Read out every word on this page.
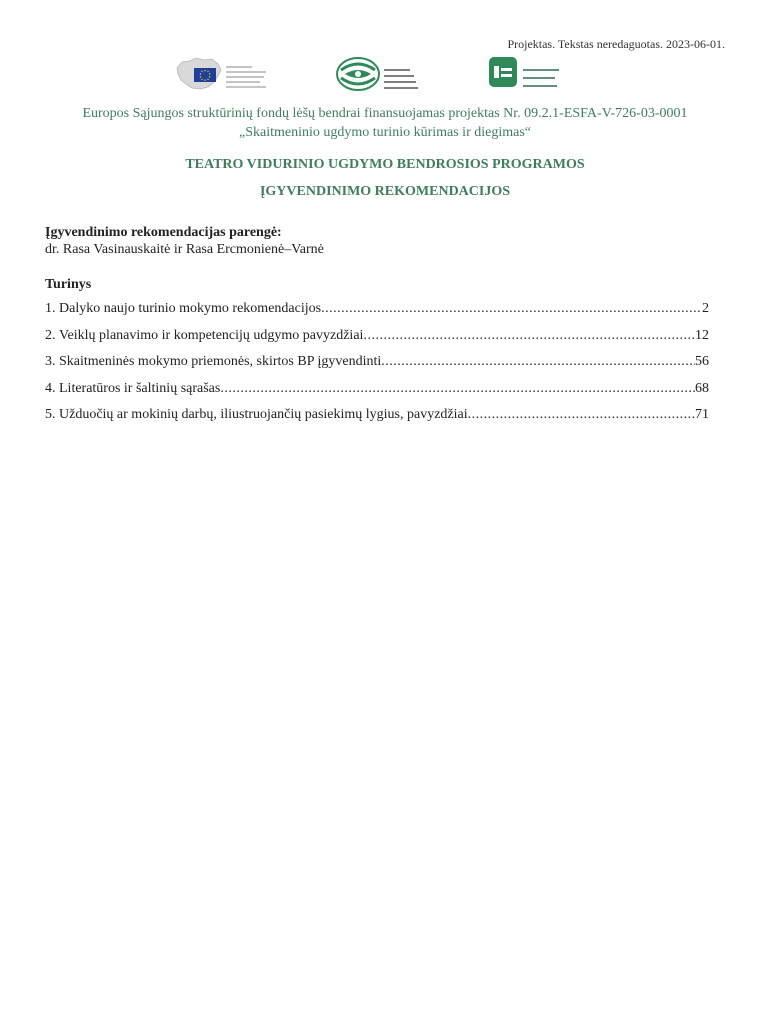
Projektas. Tekstas neredaguotas. 2023-06-01.

Europos Sąjungos struktūrinių fondų lėšų bendrai finansuojamas projektas Nr. 09.2.1-ESFA-V-726-03-0001
„Skaitmeninio ugdymo turinio kūrimas ir diegimas“
TEATRO VIDURINIO UGDYMO BENDROSIOS PROGRAMOS
ĮGYVENDINIMO REKOMENDACIJOS
Įgyvendinimo rekomendacijas parengė:
dr. Rasa Vasinauskaitė ir Rasa Ercmonienė–Varnė
Turinys
1. Dalyko naujo turinio mokymo rekomendacijos .....	2
2. Veiklų planavimo ir kompetencijų udgymo pavyzdžiai .....	12
3. Skaitmeninės mokymo priemonės, skirtos BP įgyvendinti .....	56
4. Literatūros ir šaltinių sąrašas .....	68
5. Užduočių ar mokinių darbų, iliustruojančių pasiekimų lygius, pavyzdžiai .....	71
